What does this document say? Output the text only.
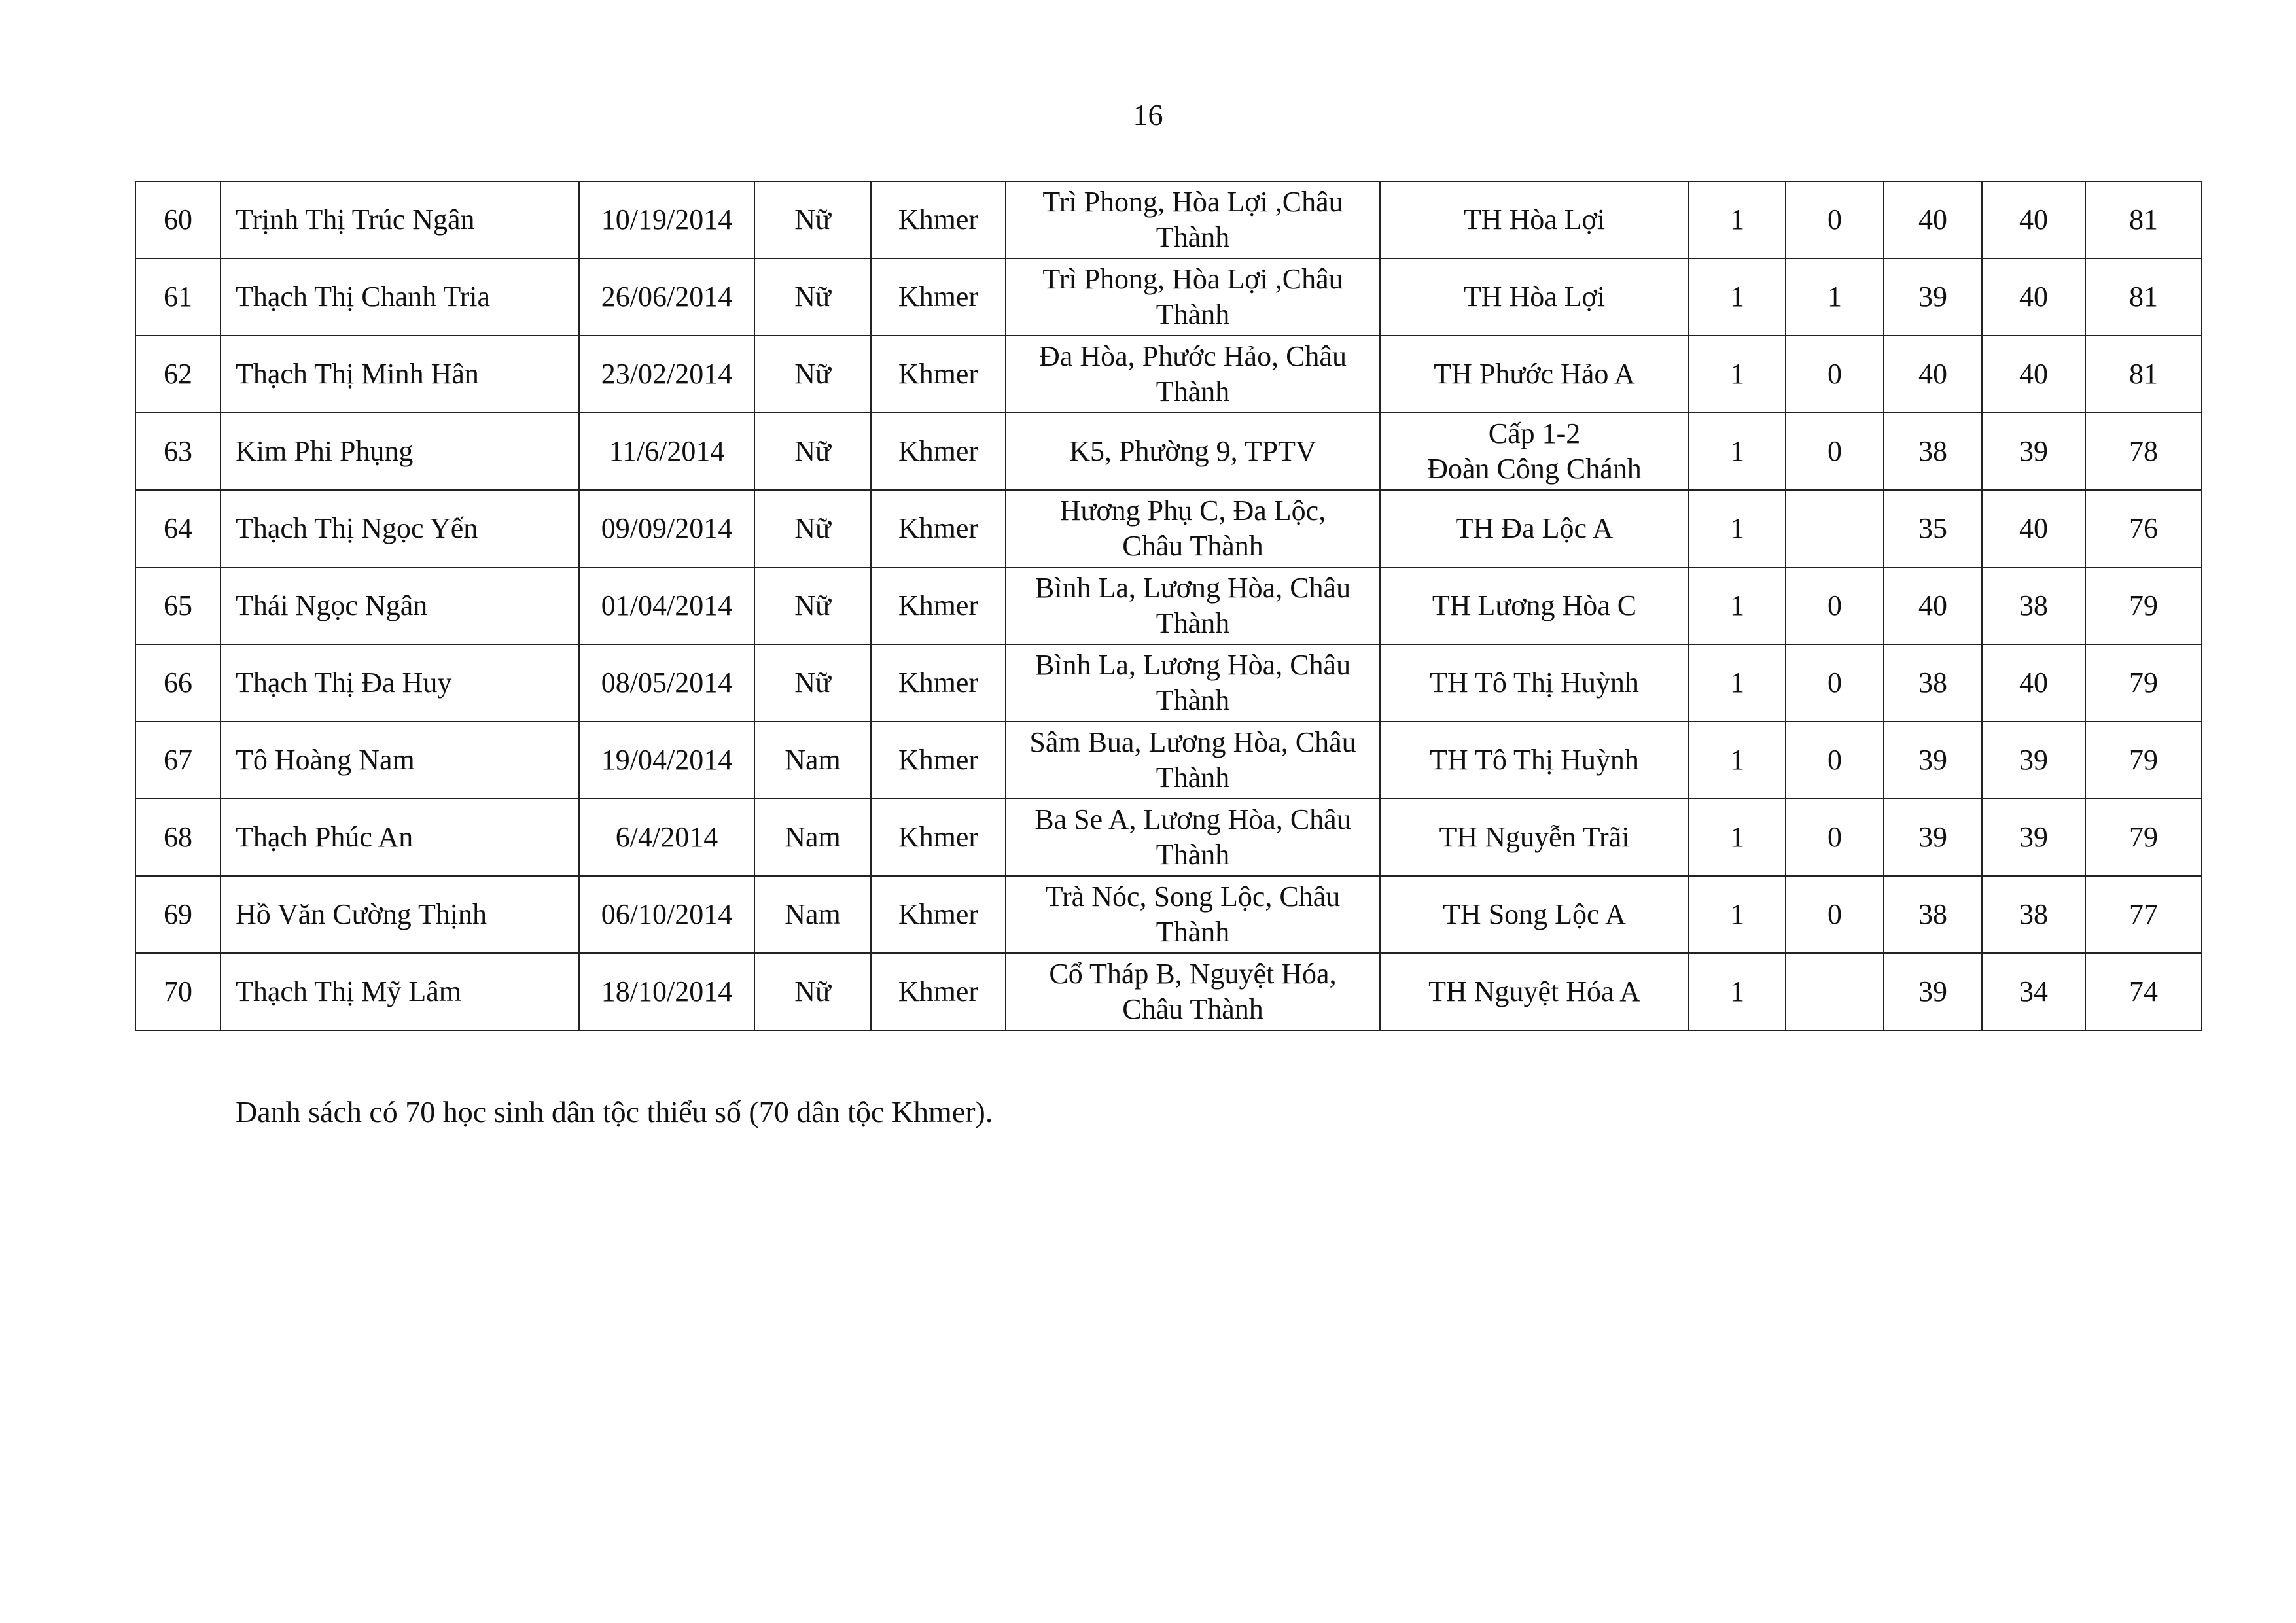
16
60	Trịnh Thị Trúc Ngân	10/19/2014	Nữ	Khmer	Trì Phong, Hòa Lợi ,Châu
Thành	TH Hòa Lợi	1	0	40	40	81
61	Thạch Thị Chanh Tria	26/06/2014	Nữ	Khmer	Trì Phong, Hòa Lợi ,Châu
Thành	TH Hòa Lợi	1	1	39	40	81
62	Thạch Thị Minh Hân	23/02/2014	Nữ	Khmer	Đa Hòa, Phước Hảo, Châu
Thành	TH Phước Hảo A	1	0	40	40	81
63	Kim Phi Phụng	11/6/2014	Nữ	Khmer	K5, Phường 9, TPTV	Cấp 1-2
Đoàn Công Chánh	1	0	38	39	78
64	Thạch Thị Ngọc Yến	09/09/2014	Nữ	Khmer	Hương Phụ C, Đa Lộc,
Châu Thành	TH Đa Lộc A	1		35	40	76
65	Thái Ngọc Ngân	01/04/2014	Nữ	Khmer	Bình La, Lương Hòa, Châu
Thành	TH Lương Hòa C	1	0	40	38	79
66	Thạch Thị Đa Huy	08/05/2014	Nữ	Khmer	Bình La, Lương Hòa, Châu
Thành	TH Tô Thị Huỳnh	1	0	38	40	79
67	Tô Hoàng Nam	19/04/2014	Nam	Khmer	Sâm Bua, Lương Hòa, Châu
Thành	TH Tô Thị Huỳnh	1	0	39	39	79
68	Thạch Phúc An	6/4/2014	Nam	Khmer	Ba Se A, Lương Hòa, Châu
Thành	TH Nguyễn Trãi	1	0	39	39	79
69	Hồ Văn Cường Thịnh	06/10/2014	Nam	Khmer	Trà Nóc, Song Lộc, Châu
Thành	TH Song Lộc A	1	0	38	38	77
70	Thạch Thị Mỹ Lâm	18/10/2014	Nữ	Khmer	Cổ Tháp B, Nguyệt Hóa,
Châu Thành	TH Nguyệt Hóa A	1		39	34	74
Danh sách có 70 học sinh dân tộc thiểu số (70 dân tộc Khmer).
